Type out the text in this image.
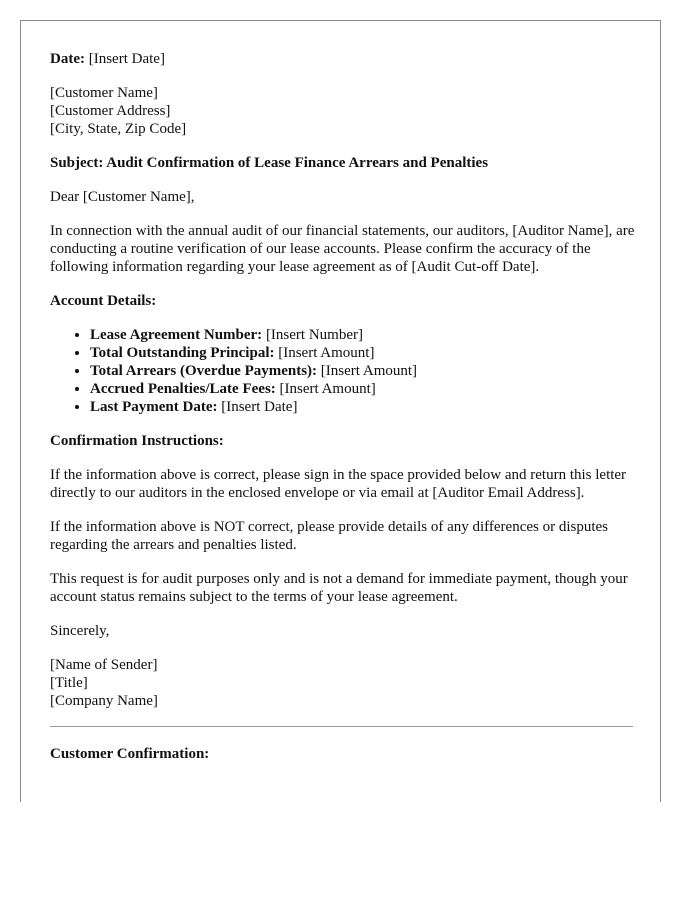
Date: [Insert Date]

[Customer Name]
[Customer Address]
[City, State, Zip Code]

Subject: Audit Confirmation of Lease Finance Arrears and Penalties

Dear [Customer Name],

In connection with the annual audit of our financial statements, our auditors, [Auditor Name], are conducting a routine verification of our lease accounts. Please confirm the accuracy of the following information regarding your lease agreement as of [Audit Cut-off Date].

Account Details:

• Lease Agreement Number: [Insert Number]
• Total Outstanding Principal: [Insert Amount]
• Total Arrears (Overdue Payments): [Insert Amount]
• Accrued Penalties/Late Fees: [Insert Amount]
• Last Payment Date: [Insert Date]

Confirmation Instructions:

If the information above is correct, please sign in the space provided below and return this letter directly to our auditors in the enclosed envelope or via email at [Auditor Email Address].

If the information above is NOT correct, please provide details of any differences or disputes regarding the arrears and penalties listed.

This request is for audit purposes only and is not a demand for immediate payment, though your account status remains subject to the terms of your lease agreement.

Sincerely,

[Name of Sender]
[Title]
[Company Name]

Customer Confirmation:
